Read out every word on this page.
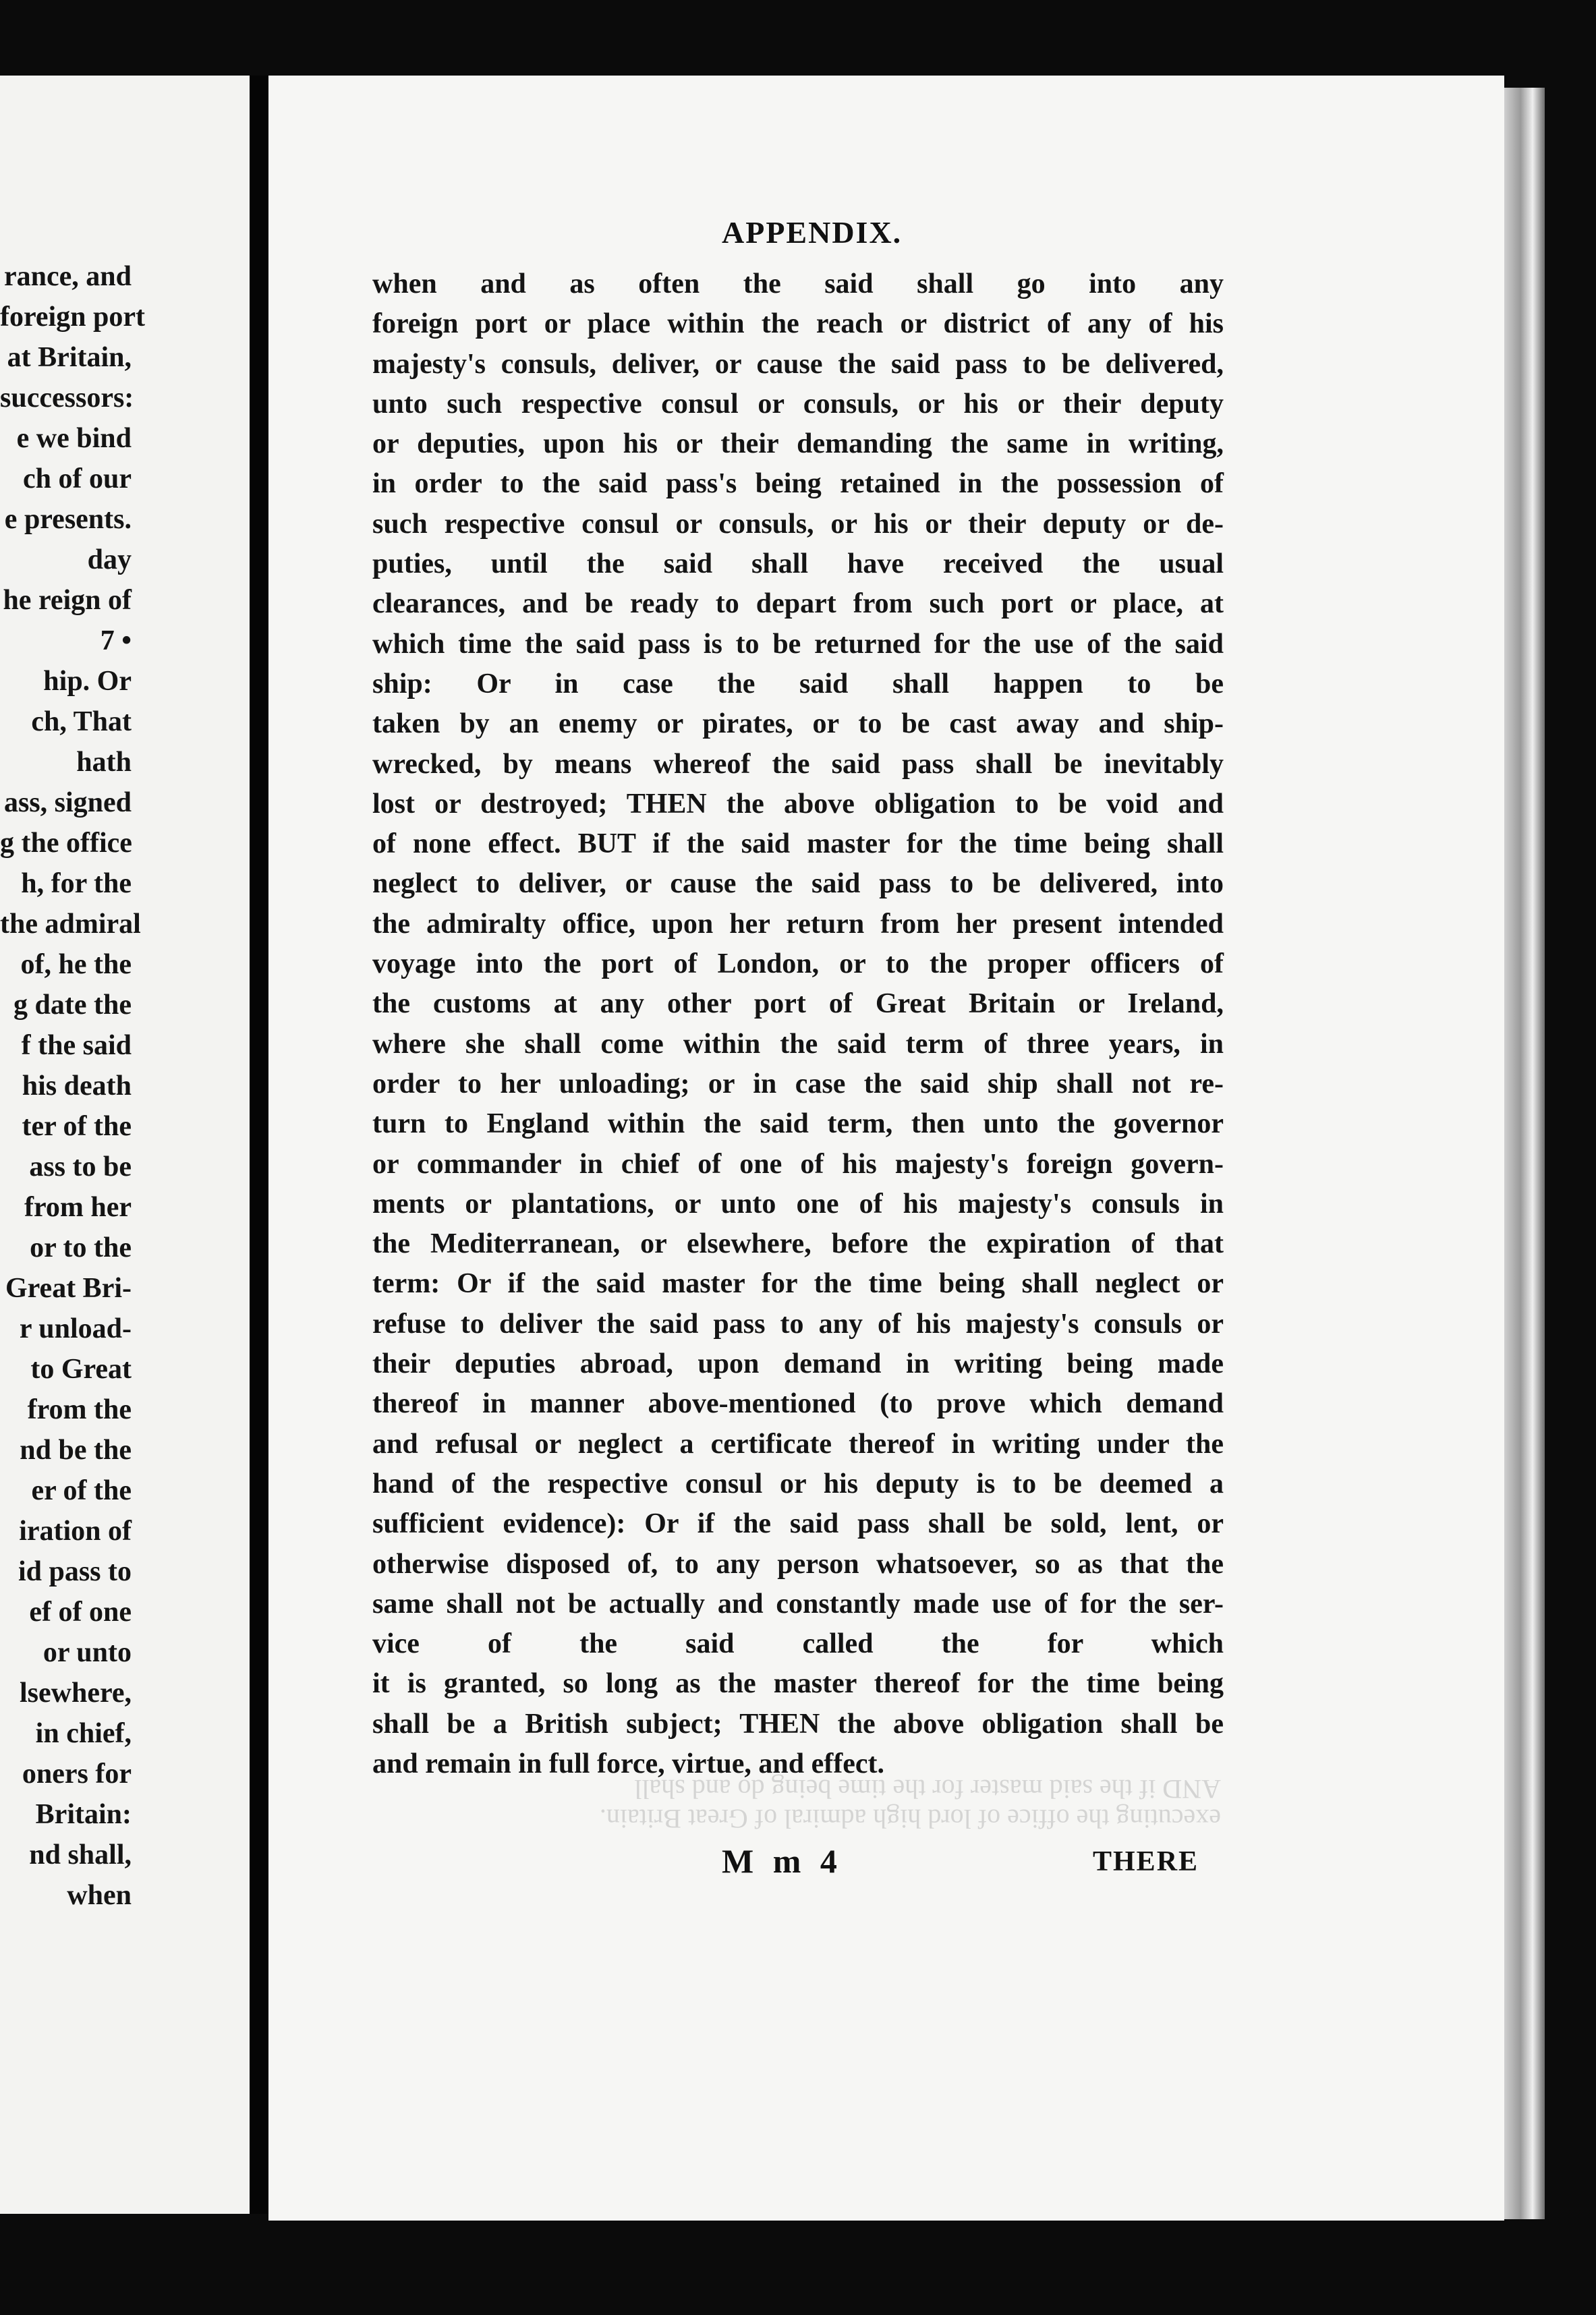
rance, and
foreign port
at Britain,
successors:
e we bind
ch of our
e presents.
day
he reign of
7 •
hip. Or
ch, That
hath
ass, signed
g the office
h, for the
the admiral
of, he the
g date the
f the said
his death
ter of the
ass to be
from her
or to the
Great Bri-
r unload-
to Great
from the
nd be the
er of the
iration of
id pass to
ef of one
or unto
lsewhere,
in chief,
oners for
Britain:
nd shall,
when
executing the office of lord high admiral of Great Britain.
AND if the said master for the time being do and shall
APPENDIX.
when and as often the said shall go into any
foreign port or place within the reach or district of any of his
majesty's consuls, deliver, or cause the said pass to be delivered,
unto such respective consul or consuls, or his or their deputy
or deputies, upon his or their demanding the same in writing,
in order to the said pass's being retained in the possession of
such respective consul or consuls, or his or their deputy or de-
puties, until the said shall have received the usual
clearances, and be ready to depart from such port or place, at
which time the said pass is to be returned for the use of the said
ship: Or in case the said shall happen to be
taken by an enemy or pirates, or to be cast away and ship-
wrecked, by means whereof the said pass shall be inevitably
lost or destroyed; THEN the above obligation to be void and
of none effect. BUT if the said master for the time being shall
neglect to deliver, or cause the said pass to be delivered, into
the admiralty office, upon her return from her present intended
voyage into the port of London, or to the proper officers of
the customs at any other port of Great Britain or Ireland,
where she shall come within the said term of three years, in
order to her unloading; or in case the said ship shall not re-
turn to England within the said term, then unto the governor
or commander in chief of one of his majesty's foreign govern-
ments or plantations, or unto one of his majesty's consuls in
the Mediterranean, or elsewhere, before the expiration of that
term: Or if the said master for the time being shall neglect or
refuse to deliver the said pass to any of his majesty's consuls or
their deputies abroad, upon demand in writing being made
thereof in manner above-mentioned (to prove which demand
and refusal or neglect a certificate thereof in writing under the
hand of the respective consul or his deputy is to be deemed a
sufficient evidence): Or if the said pass shall be sold, lent, or
otherwise disposed of, to any person whatsoever, so as that the
same shall not be actually and constantly made use of for the ser-
vice of the said called the for which
it is granted, so long as the master thereof for the time being
shall be a British subject; THEN the above obligation shall be
and remain in full force, virtue, and effect.
M m 4	THERE
